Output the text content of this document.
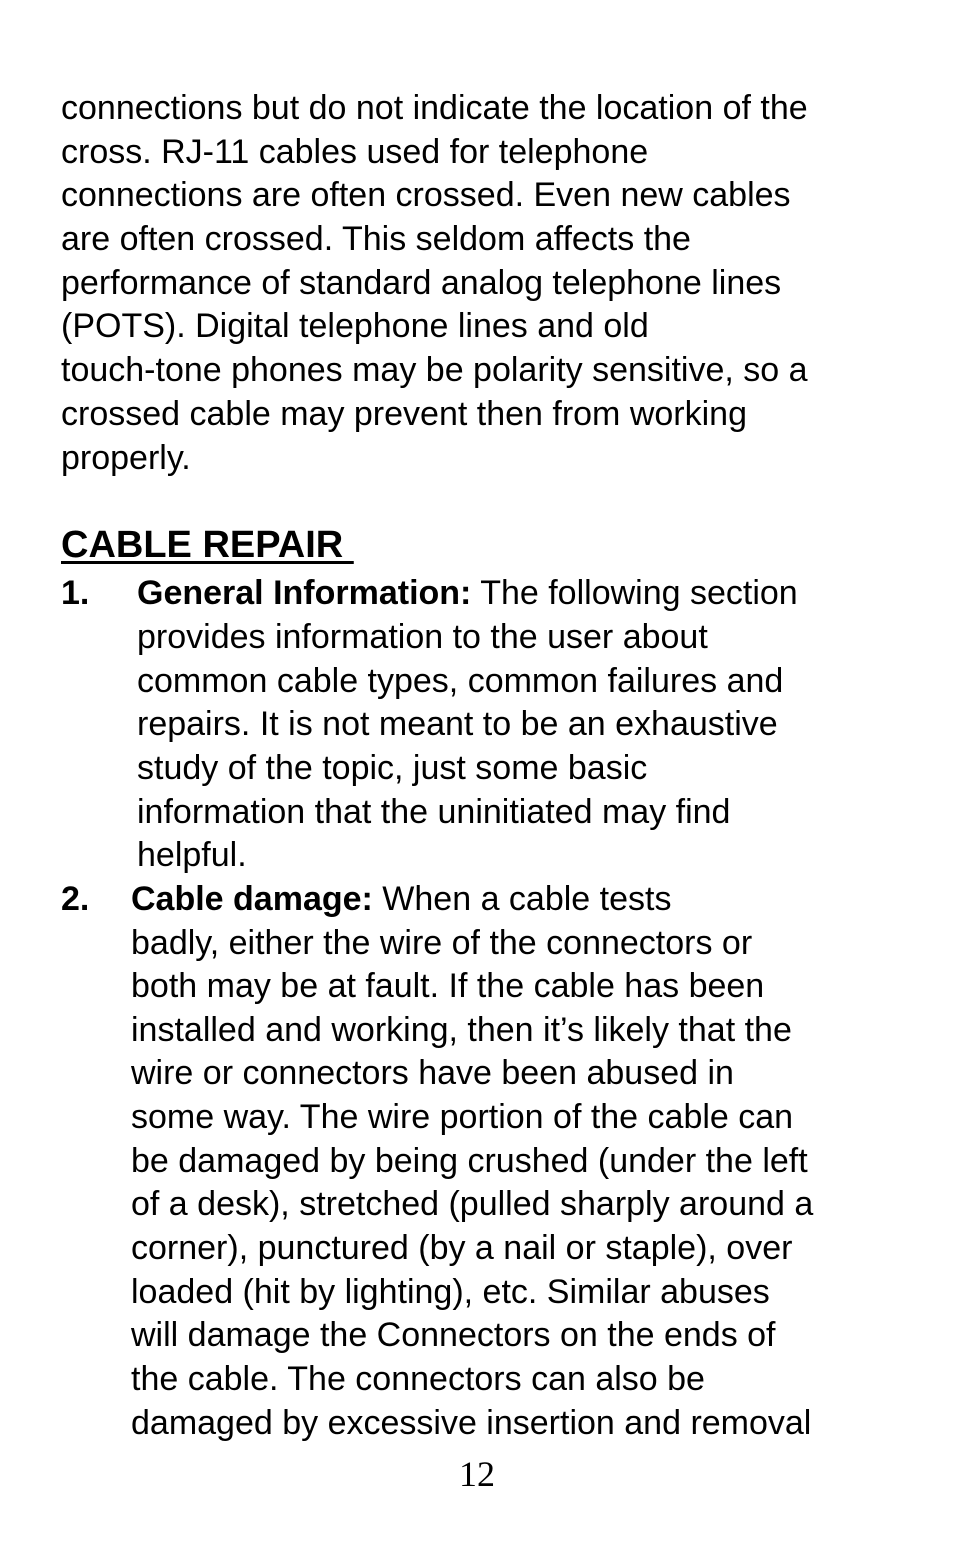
connections but do not indicate the location of the

cross. RJ-11 cables used for telephone

connections are often crossed. Even new cables

are often crossed. This seldom affects the

performance of standard analog telephone lines

(POTS). Digital telephone lines and old

touch-tone phones may be polarity sensitive, so a

crossed cable may prevent then from working

properly.

CABLE REPAIR
1. General Information: The following section

provides information to the user about

common cable types, common failures and

repairs. It is not meant to be an exhaustive

study of the topic, just some basic

information that the uninitiated may find

helpful.

2. Cable damage: When a cable tests

badly, either the wire of the connectors or

both may be at fault. If the cable has been

installed and working, then it’s likely that the

wire or connectors have been abused in

some way. The wire portion of the cable can

be damaged by being crushed (under the left

of a desk), stretched (pulled sharply around a

corner), punctured (by a nail or staple), over

loaded (hit by lighting), etc. Similar abuses

will damage the Connectors on the ends of

the cable. The connectors can also be

damaged by excessive insertion and removal

12
